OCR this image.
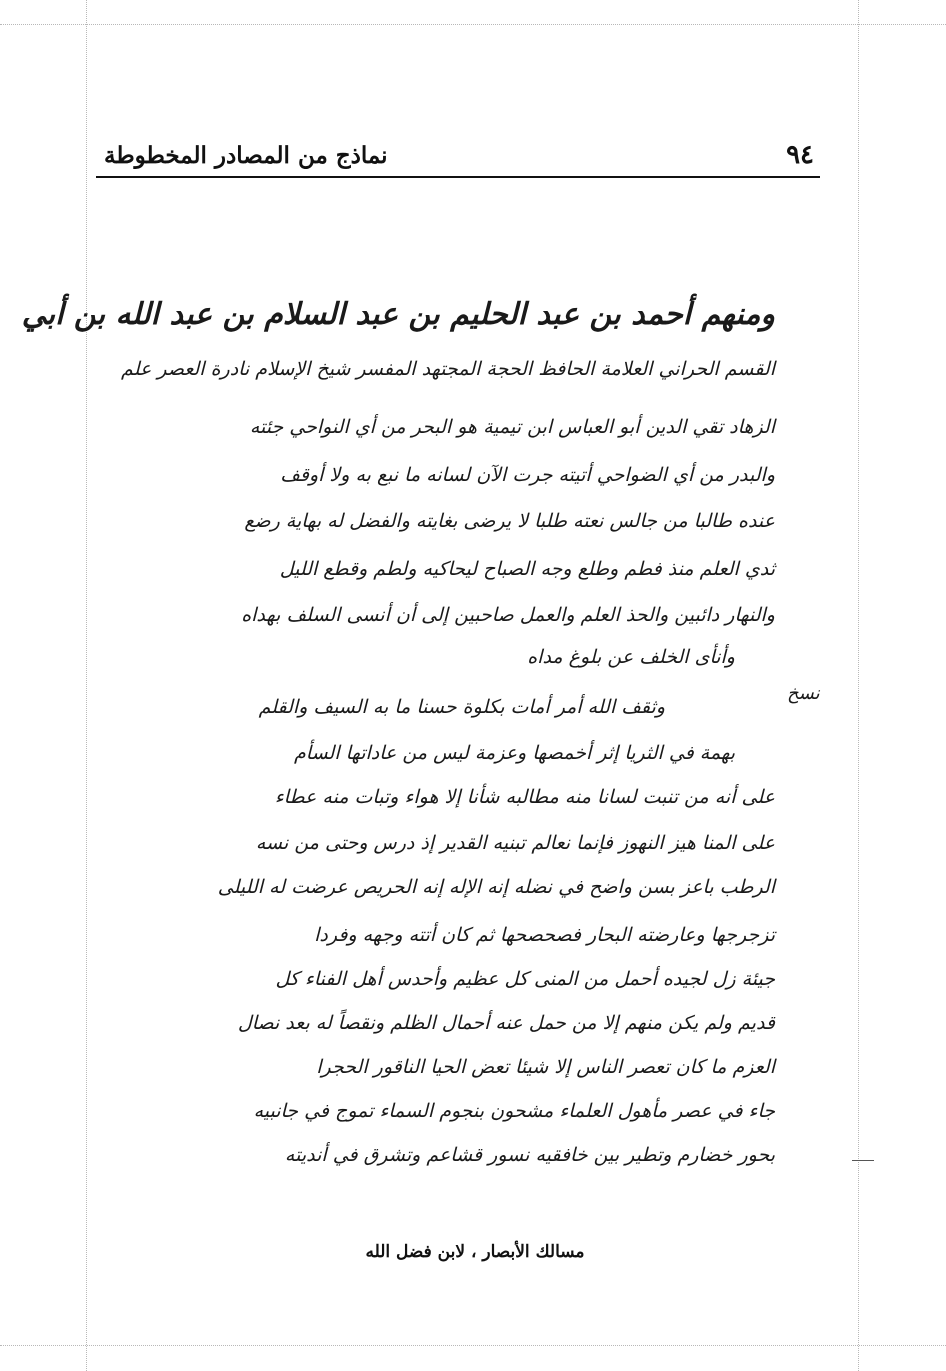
٩٤
نماذج من المصادر المخطوطة
ومنهم أحمد بن عبد الحليم بن عبد السلام بن عبد الله بن أبي
القسم الحراني العلامة الحافظ الحجة المجتهد المفسر شيخ الإسلام نادرة العصر علم
الزهاد تقي الدين أبو العباس ابن تيمية هو البحر من أي النواحي جئته
والبدر من أي الضواحي أتيته جرت الآن لسانه ما نبع به ولا أوقف
عنده طالبا من جالس نعته طلبا لا يرضى بغايته والفضل له بهاية رضع
ثدي العلم منذ فطم وطلع وجه الصباح ليحاكيه ولطم وقطع الليل
والنهار دائبين والحذ العلم والعمل صاحبين إلى أن أنسى السلف بهداه
وأنأى الخلف عن بلوغ مداه
وثقف الله أمر أمات بكلوة حسنا ما به السيف والقلم
بهمة في الثريا إثر أخمصها وعزمة ليس من عاداتها السأم
على أنه من تنبت لسانا منه مطالبه شأنا إلا هواء وتبات منه عطاء
على المنا هيز النهوز فإنما نعالم تبنيه القدير إذ درس وحتى من نسه
الرطب باعز بسن واضح في نضله إنه الإله إنه الحريص عرضت له الليلى
تزجرجها وعارضته البحار فصحصحها ثم كان أتته وجهه وفردا
جيئة زل لجيده أحمل من المنى كل عظيم وأحدس أهل الفناء كل
قديم ولم يكن منهم إلا من حمل عنه أحمال الظلم ونقصاً له بعد نصال
العزم ما كان تعصر الناس إلا شيئا تعض الحيا الناقور الحجرا
جاء في عصر مأهول العلماء مشحون بنجوم السماء تموج في جانبيه
بحور خضارم وتطير بين خافقيه نسور قشاعم وتشرق في أنديته
نسخ
مسالك الأبصار ، لابن فضل الله
